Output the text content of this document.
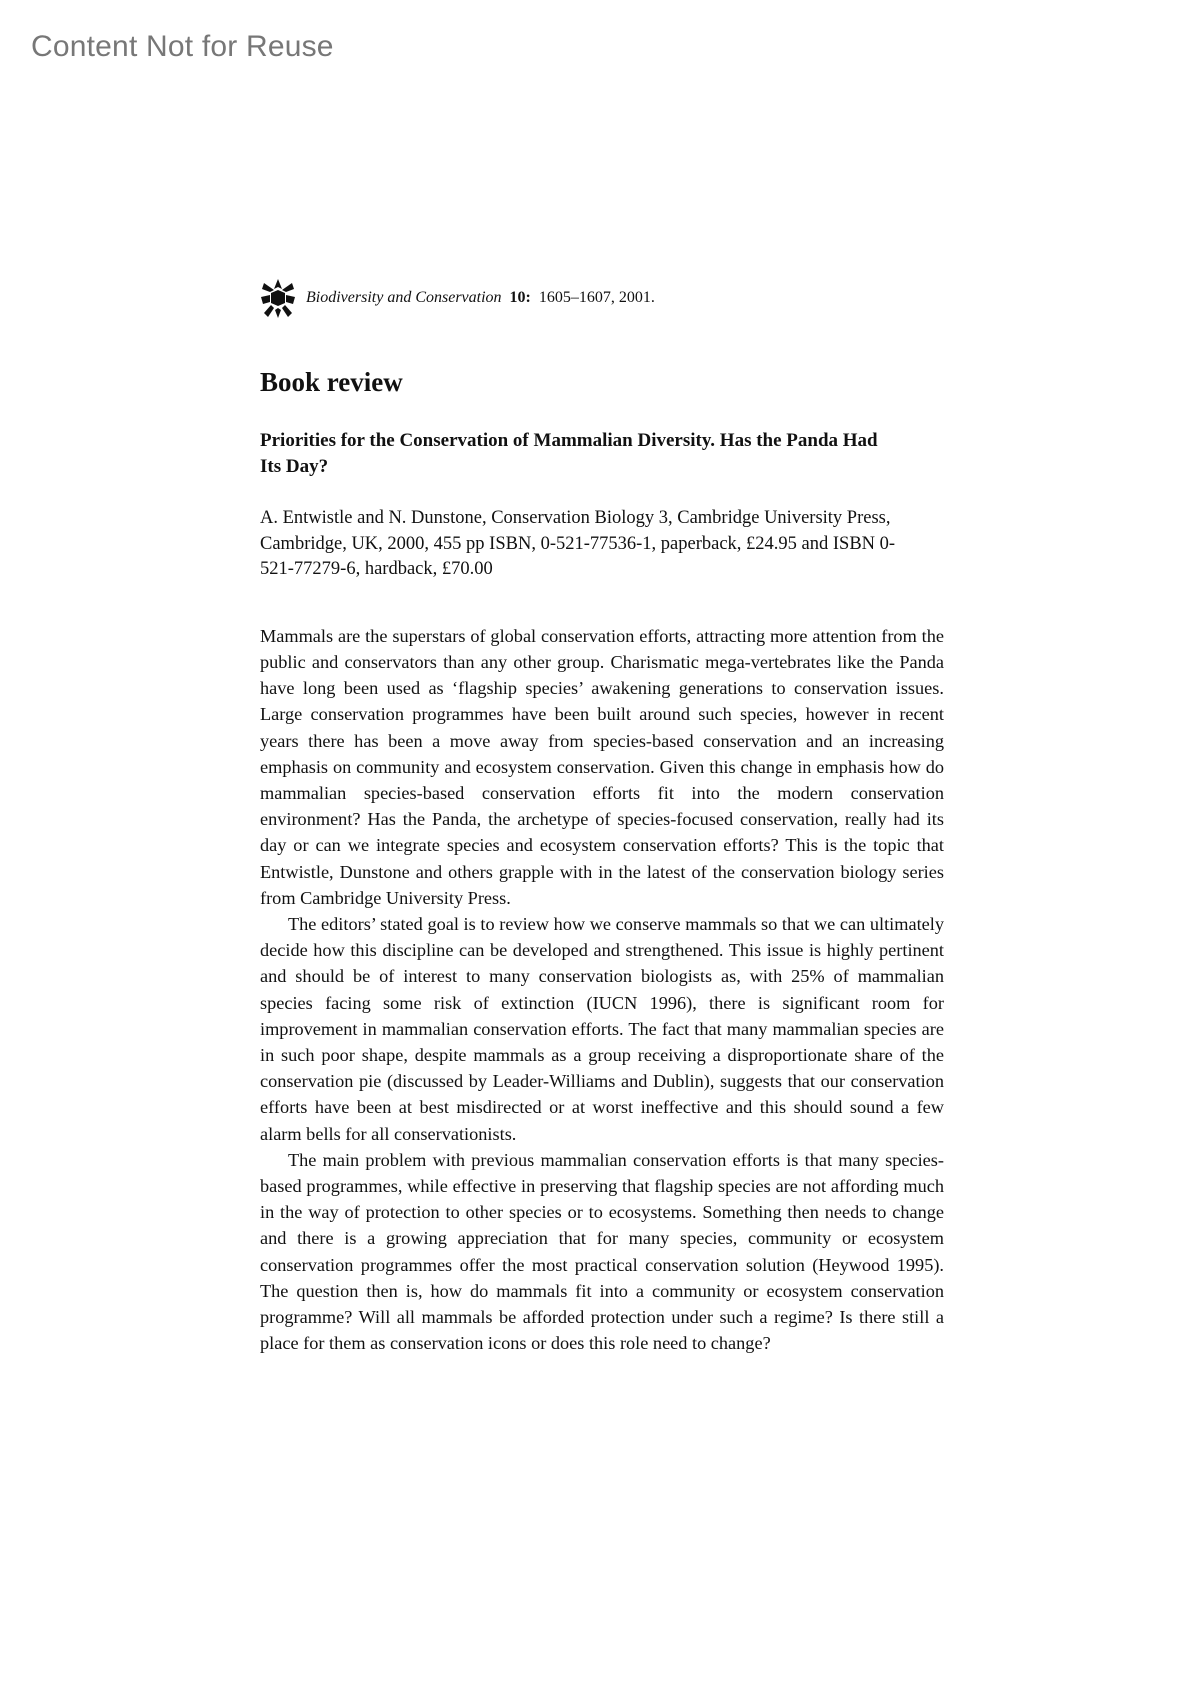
Content Not for Reuse
Biodiversity and Conservation 10: 1605–1607, 2001.
Book review
Priorities for the Conservation of Mammalian Diversity. Has the Panda Had Its Day?

A. Entwistle and N. Dunstone, Conservation Biology 3, Cambridge University Press, Cambridge, UK, 2000, 455 pp ISBN, 0-521-77536-1, paperback, £24.95 and ISBN 0-521-77279-6, hardback, £70.00

Mammals are the superstars of global conservation efforts, attracting more attention from the public and conservators than any other group. Charismatic mega-vertebrates like the Panda have long been used as ‘flagship species’ awakening generations to conservation issues. Large conservation programmes have been built around such species, however in recent years there has been a move away from species-based conservation and an increasing emphasis on community and ecosystem conservation. Given this change in emphasis how do mammalian species-based conservation efforts fit into the modern conservation environment? Has the Panda, the archetype of species-focused conservation, really had its day or can we integrate species and ecosystem conservation efforts? This is the topic that Entwistle, Dunstone and others grapple with in the latest of the conservation biology series from Cambridge University Press.

The editors’ stated goal is to review how we conserve mammals so that we can ultimately decide how this discipline can be developed and strengthened. This issue is highly pertinent and should be of interest to many conservation biologists as, with 25% of mammalian species facing some risk of extinction (IUCN 1996), there is significant room for improvement in mammalian conservation efforts. The fact that many mammalian species are in such poor shape, despite mammals as a group receiving a disproportionate share of the conservation pie (discussed by Leader-Williams and Dublin), suggests that our conservation efforts have been at best misdirected or at worst ineffective and this should sound a few alarm bells for all conservationists.

The main problem with previous mammalian conservation efforts is that many species-based programmes, while effective in preserving that flagship species are not affording much in the way of protection to other species or to ecosystems. Something then needs to change and there is a growing appreciation that for many species, community or ecosystem conservation programmes offer the most practical conservation solution (Heywood 1995). The question then is, how do mammals fit into a community or ecosystem conservation programme? Will all mammals be afforded protection under such a regime? Is there still a place for them as conservation icons or does this role need to change?
